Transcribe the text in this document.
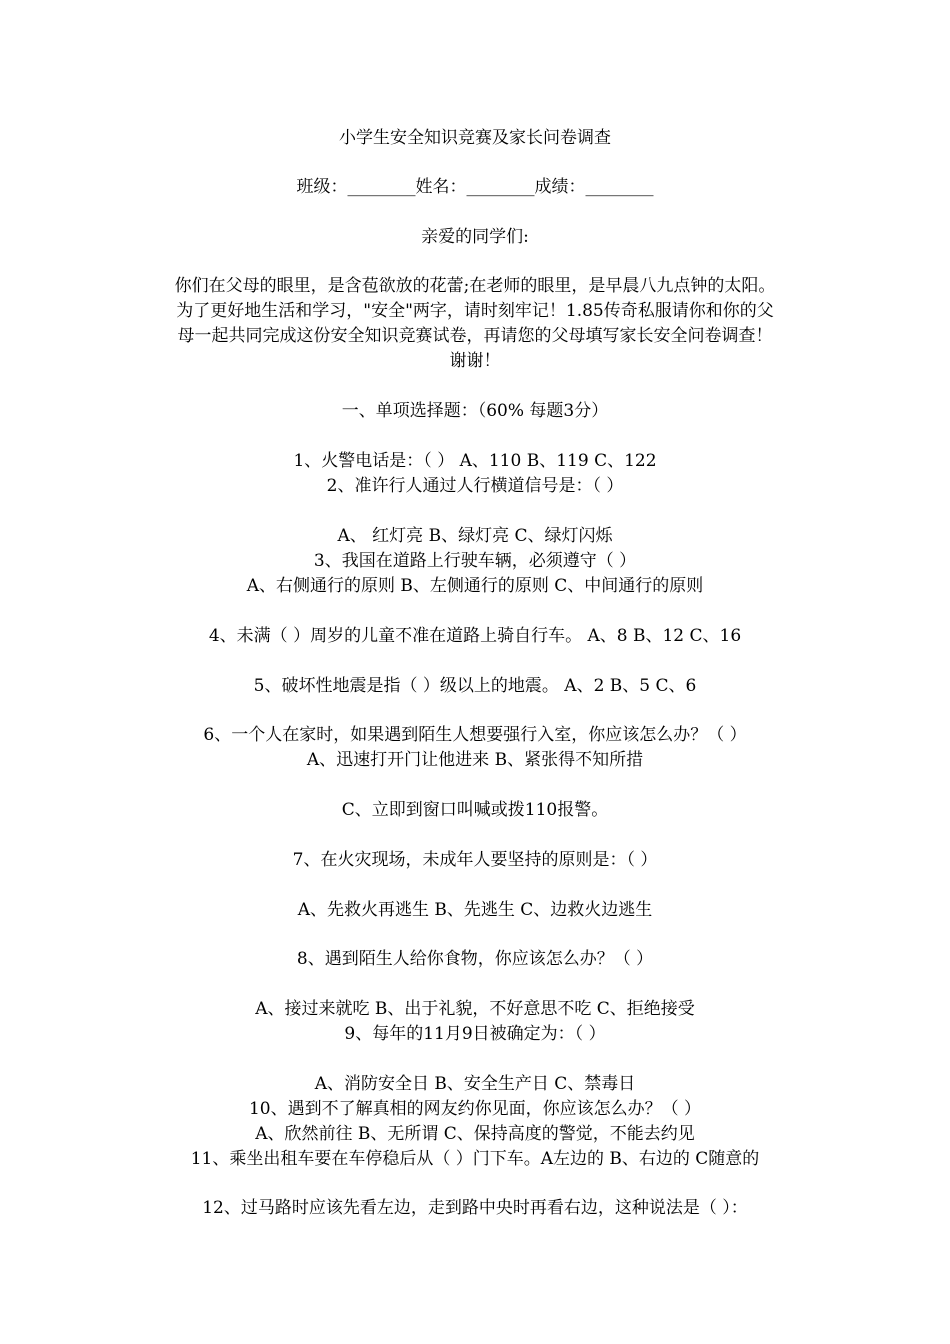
小学生安全知识竞赛及家长问卷调查
班级：________姓名：________成绩：________
亲爱的同学们:
你们在父母的眼里，是含苞欲放的花蕾;在老师的眼里，是早晨八九点钟的太阳。
为了更好地生活和学习，"安全"两字，请时刻牢记！1.85传奇私服请你和你的父
母一起共同完成这份安全知识竞赛试卷，再请您的父母填写家长安全问卷调查！
谢谢！
一、单项选择题：（60% 每题3分）
1、火警电话是：（ ） A、110 B、119 C、122
2、准许行人通过人行横道信号是：（ ）
A、 红灯亮 B、绿灯亮 C、绿灯闪烁
3、我国在道路上行驶车辆，必须遵守（ ）
A、右侧通行的原则 B、左侧通行的原则 C、中间通行的原则
4、未满（ ）周岁的儿童不准在道路上骑自行车。 A、8 B、12 C、16
5、破坏性地震是指（ ）级以上的地震。 A、2 B、5 C、6
6、一个人在家时，如果遇到陌生人想要强行入室，你应该怎么办？（ ）
A、迅速打开门让他进来 B、紧张得不知所措
C、立即到窗口叫喊或拨110报警。
7、在火灾现场，未成年人要坚持的原则是：（ ）
A、先救火再逃生 B、先逃生 C、边救火边逃生
8、遇到陌生人给你食物，你应该怎么办？（ ）
A、接过来就吃 B、出于礼貌，不好意思不吃 C、拒绝接受
9、每年的11月9日被确定为：（ ）
A、消防安全日 B、安全生产日 C、禁毒日
10、遇到不了解真相的网友约你见面，你应该怎么办？（ ）
A、欣然前往 B、无所谓 C、保持高度的警觉，不能去约见
11、乘坐出租车要在车停稳后从（ ）门下车。A左边的 B、右边的 C随意的
12、过马路时应该先看左边，走到路中央时再看右边，这种说法是（ ）：
